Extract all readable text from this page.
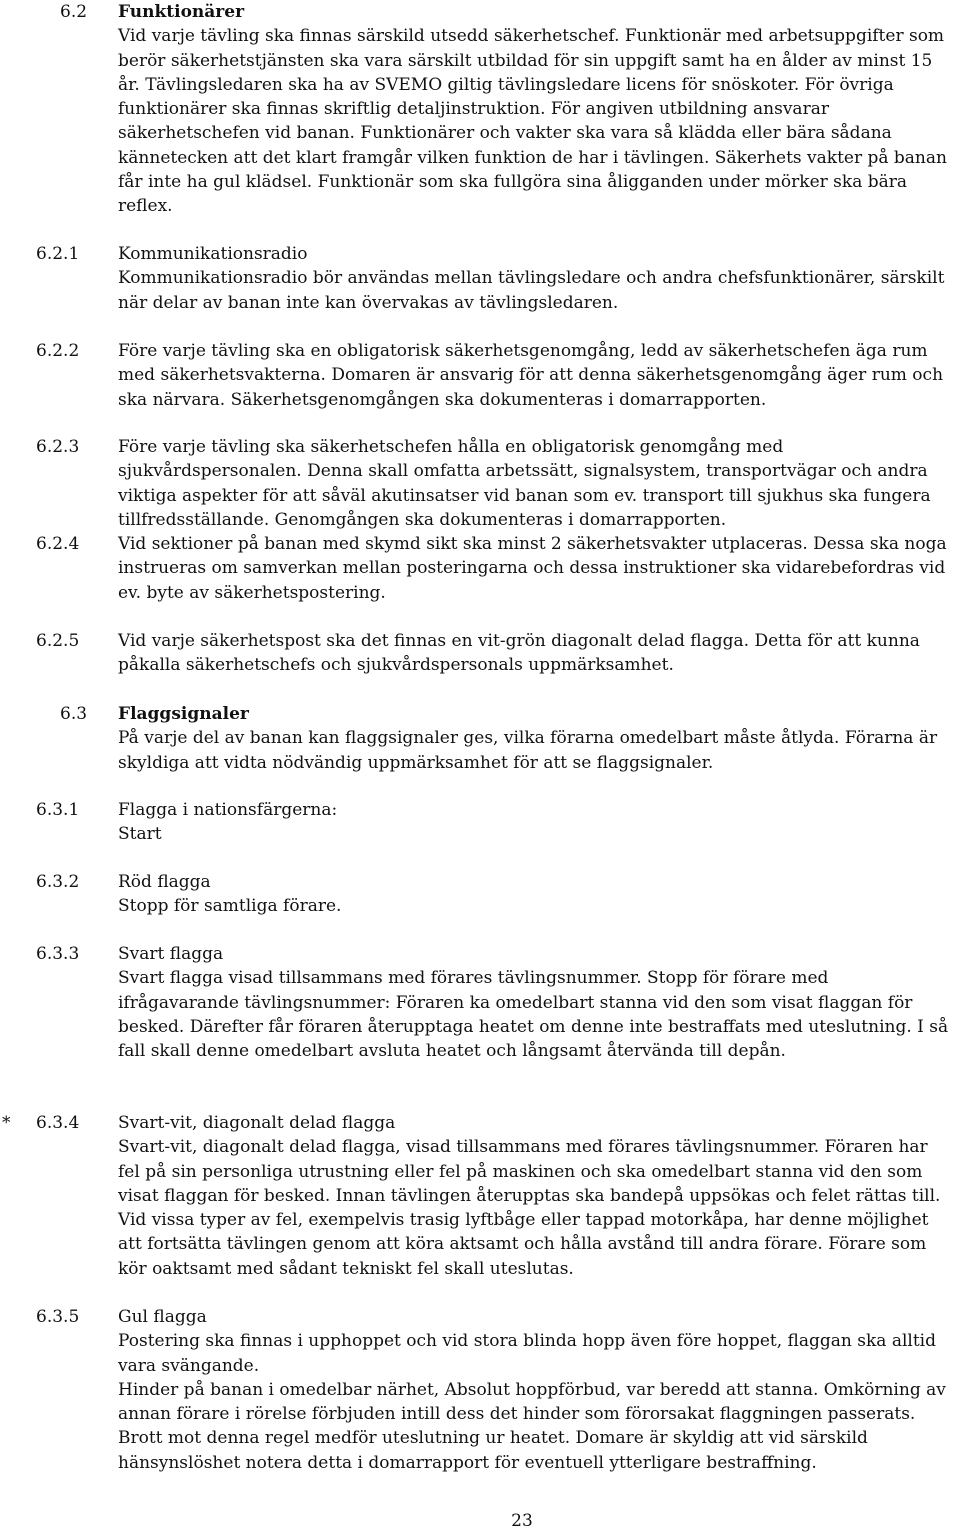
6.2 Funktionärer

Vid varje tävling ska finnas särskild utsedd säkerhetschef. Funktionär med arbetsuppgifter som berör säkerhetstjänsten ska vara särskilt utbildad för sin uppgift samt ha en ålder av minst 15 år. Tävlingsledaren ska ha av SVEMO giltig tävlingsledare licens för snöskoter. För övriga funktionärer ska finnas skriftlig detaljinstruktion. För angiven utbildning ansvarar säkerhetschefen vid banan. Funktionärer och vakter ska vara så klädda eller bära sådana kännetecken att det klart framgår vilken funktion de har i tävlingen. Säkerhets vakter på banan får inte ha gul klädsel. Funktionär som ska fullgöra sina åligganden under mörker ska bära reflex.

6.2.1 Kommunikationsradio

Kommunikationsradio bör användas mellan tävlingsledare och andra chefsfunktionärer, särskilt när delar av banan inte kan övervakas av tävlingsledaren.

6.2.2 Före varje tävling ska en obligatorisk säkerhetsgenomgång, ledd av säkerhetschefen äga rum med säkerhetsvakterna. Domaren är ansvarig för att denna säkerhetsgenomgång äger rum och ska närvara. Säkerhetsgenomgången ska dokumenteras i domarrapporten.

6.2.3 Före varje tävling ska säkerhetschefen hålla en obligatorisk genomgång med sjukvårdspersonalen. Denna skall omfatta arbetssätt, signalsystem, transportvägar och andra viktiga aspekter för att såväl akutinsatser vid banan som ev. transport till sjukhus ska fungera tillfredsställande. Genomgången ska dokumenteras i domarrapporten.

6.2.4 Vid sektioner på banan med skymd sikt ska minst 2 säkerhetsvakter utplaceras. Dessa ska noga instrueras om samverkan mellan posteringarna och dessa instruktioner ska vidarebefordras vid ev. byte av säkerhetspostering.

6.2.5 Vid varje säkerhetspost ska det finnas en vit-grön diagonalt delad flagga. Detta för att kunna påkalla säkerhetschefs och sjukvårdspersonals uppmärksamhet.

6.3 Flaggsignaler

På varje del av banan kan flaggsignaler ges, vilka förarna omedelbart måste åtlyda. Förarna är skyldiga att vidta nödvändig uppmärksamhet för att se flaggsignaler.

6.3.1 Flagga i nationsfärgerna:

Start

6.3.2 Röd flagga

Stopp för samtliga förare.

6.3.3 Svart flagga

Svart flagga visad tillsammans med förares tävlingsnummer. Stopp för förare med ifrågavarande tävlingsnummer: Föraren ka omedelbart stanna vid den som visat flaggan för besked. Därefter får föraren återupptaga heatet om denne inte bestraffats med uteslutning. I så fall skall denne omedelbart avsluta heatet och långsamt återvända till depån.

* 6.3.4 Svart-vit, diagonalt delad flagga

Svart-vit, diagonalt delad flagga, visad tillsammans med förares tävlingsnummer. Föraren har fel på sin personliga utrustning eller fel på maskinen och ska omedelbart stanna vid den som visat flaggan för besked. Innan tävlingen återupptas ska bandepå uppsökas och felet rättas till. Vid vissa typer av fel, exempelvis trasig lyftbåge eller tappad motorkåpa, har denne möjlighet att fortsätta tävlingen genom att köra aktsamt och hålla avstånd till andra förare. Förare som kör oaktsamt med sådant tekniskt fel skall uteslutas.

6.3.5 Gul flagga

Postering ska finnas i upphoppet och vid stora blinda hopp även före hoppet, flaggan ska alltid vara svängande.

Hinder på banan i omedelbar närhet, Absolut hoppförbud, var beredd att stanna. Omkörning av annan förare i rörelse förbjuden intill dess det hinder som förorsakat flaggningen passerats. Brott mot denna regel medför uteslutning ur heatet. Domare är skyldig att vid särskild hänsynslöshet notera detta i domarrapport för eventuell ytterligare bestraffning.

23
